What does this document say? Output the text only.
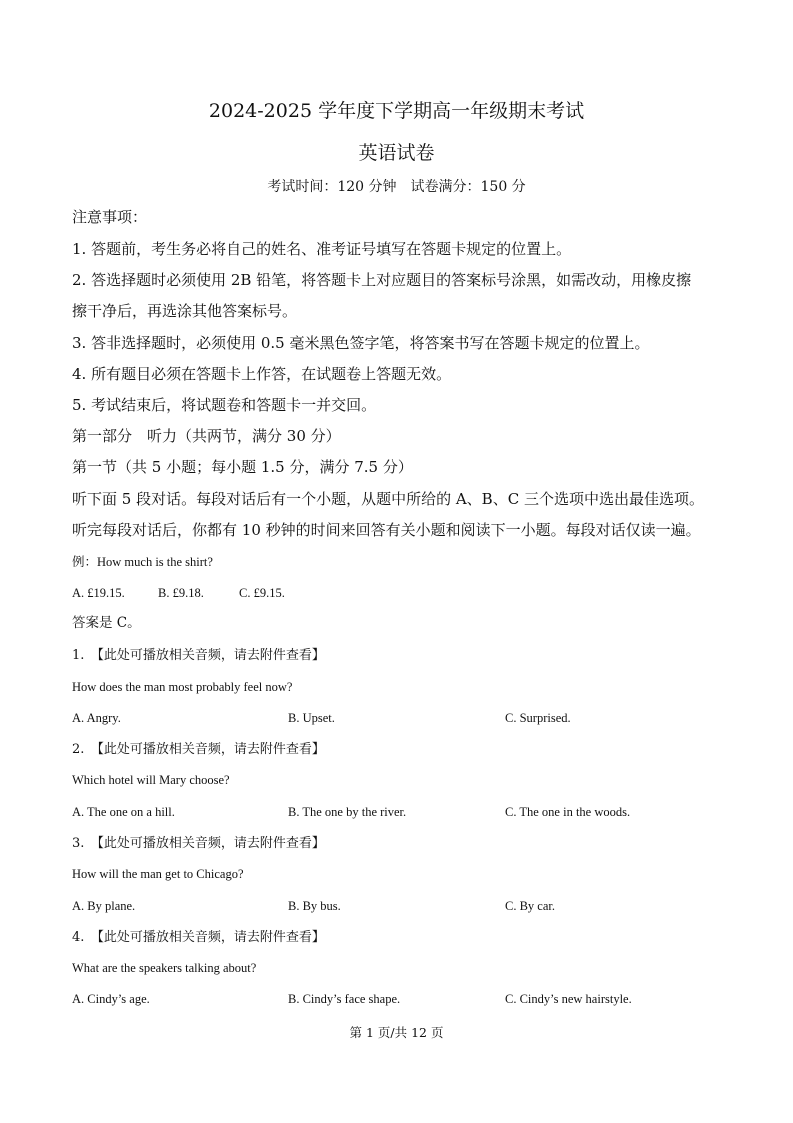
2024-2025 学年度下学期高一年级期末考试
英语试卷
考试时间：120 分钟　试卷满分：150 分
注意事项：
1. 答题前，考生务必将自己的姓名、准考证号填写在答题卡规定的位置上。
2. 答选择题时必须使用 2B 铅笔，将答题卡上对应题目的答案标号涂黑，如需改动，用橡皮擦
擦干净后，再选涂其他答案标号。
3. 答非选择题时，必须使用 0.5 毫米黑色签字笔，将答案书写在答题卡规定的位置上。
4. 所有题目必须在答题卡上作答，在试题卷上答题无效。
5. 考试结束后，将试题卷和答题卡一并交回。
第一部分　听力（共两节，满分 30 分）
第一节（共 5 小题；每小题 1.5 分，满分 7.5 分）
听下面 5 段对话。每段对话后有一个小题，从题中所给的 A、B、C 三个选项中选出最佳选项。
听完每段对话后，你都有 10 秒钟的时间来回答有关小题和阅读下一小题。每段对话仅读一遍。
例：How much is the shirt?
A. £19.15.	B. £9.18.	C. £9.15.
答案是 C。
1.　【此处可播放相关音频，请去附件查看】
How does the man most probably feel now?
A. Angry.	B. Upset.	C. Surprised.
2.　【此处可播放相关音频，请去附件查看】
Which hotel will Mary choose?
A. The one on a hill.	B. The one by the river.	C. The one in the woods.
3.　【此处可播放相关音频，请去附件查看】
How will the man get to Chicago?
A. By plane.	B. By bus.	C. By car.
4.　【此处可播放相关音频，请去附件查看】
What are the speakers talking about?
A. Cindy’s age.	B. Cindy’s face shape.	C. Cindy’s new hairstyle.
第 1 页/共 12 页
